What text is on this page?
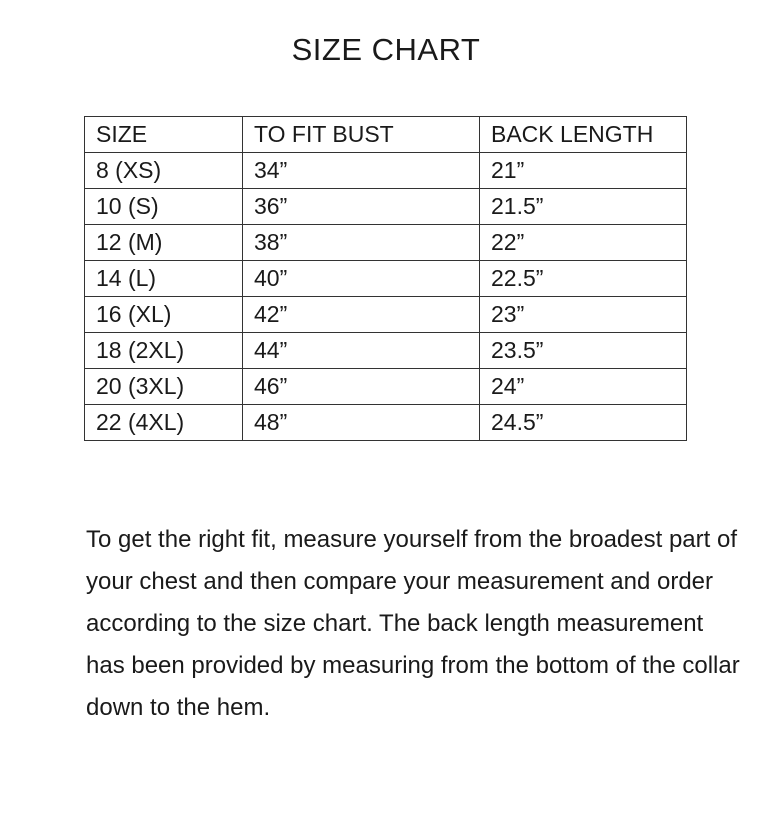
SIZE CHART
SIZE	TO FIT BUST	BACK LENGTH
8 (XS)	34”	21”
10 (S)	36”	21.5”
12 (M)	38”	22”
14 (L)	40”	22.5”
16 (XL)	42”	23”
18 (2XL)	44”	23.5”
20 (3XL)	46”	24”
22 (4XL)	48”	24.5”

To get the right fit, measure yourself from the broadest part of your chest and then compare your measurement and order according to the size chart. The back length measurement has been provided by measuring from the bottom of the collar down to the hem.
